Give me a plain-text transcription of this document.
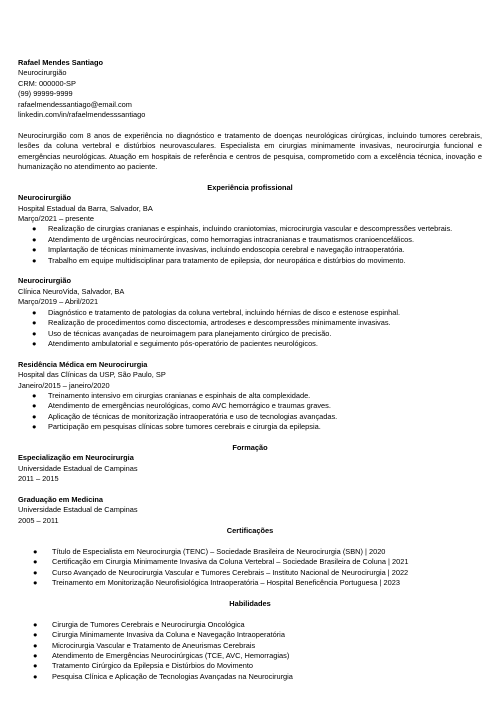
Rafael Mendes Santiago

Neurocirurgião

CRM: 000000-SP

(99) 99999-9999

rafaelmendessantiago@email.com

linkedin.com/in/rafaelmendesssantiago

Neurocirurgião com 8 anos de experiência no diagnóstico e tratamento de doenças neurológicas cirúrgicas, incluindo tumores cerebrais, lesões da coluna vertebral e distúrbios neurovasculares. Especialista em cirurgias minimamente invasivas, neurocirurgia funcional e emergências neurológicas. Atuação em hospitais de referência e centros de pesquisa, comprometido com a excelência técnica, inovação e humanização no atendimento ao paciente.

Experiência profissional

Neurocirurgião

Hospital Estadual da Barra, Salvador, BA

Março/2021 – presente

● Realização de cirurgias cranianas e espinhais, incluindo craniotomias, microcirurgia vascular e descompressões vertebrais.
● Atendimento de urgências neurocirúrgicas, como hemorragias intracranianas e traumatismos cranioencefálicos.
● Implantação de técnicas minimamente invasivas, incluindo endoscopia cerebral e navegação intraoperatória.
● Trabalho em equipe multidisciplinar para tratamento de epilepsia, dor neuropática e distúrbios do movimento.

Neurocirurgião

Clínica NeuroVida, Salvador, BA

Março/2019 – Abril/2021

● Diagnóstico e tratamento de patologias da coluna vertebral, incluindo hérnias de disco e estenose espinhal.
● Realização de procedimentos como discectomia, artrodeses e descompressões minimamente invasivas.
● Uso de técnicas avançadas de neuroimagem para planejamento cirúrgico de precisão.
● Atendimento ambulatorial e seguimento pós-operatório de pacientes neurológicos.

Residência Médica em Neurocirurgia

Hospital das Clínicas da USP, São Paulo, SP

Janeiro/2015 – janeiro/2020

● Treinamento intensivo em cirurgias cranianas e espinhais de alta complexidade.
● Atendimento de emergências neurológicas, como AVC hemorrágico e traumas graves.
● Aplicação de técnicas de monitorização intraoperatória e uso de tecnologias avançadas.
● Participação em pesquisas clínicas sobre tumores cerebrais e cirurgia da epilepsia.

Formação

Especialização em Neurocirurgia

Universidade Estadual de Campinas

2011 – 2015

Graduação em Medicina

Universidade Estadual de Campinas

2005 – 2011

Certificações

● Título de Especialista em Neurocirurgia (TENC) – Sociedade Brasileira de Neurocirurgia (SBN) | 2020
● Certificação em Cirurgia Minimamente Invasiva da Coluna Vertebral – Sociedade Brasileira de Coluna | 2021
● Curso Avançado de Neurocirurgia Vascular e Tumores Cerebrais – Instituto Nacional de Neurocirurgia | 2022
● Treinamento em Monitorização Neurofisiológica Intraoperatória – Hospital Beneficência Portuguesa | 2023

Habilidades

● Cirurgia de Tumores Cerebrais e Neurocirurgia Oncológica
● Cirurgia Minimamente Invasiva da Coluna e Navegação Intraoperatória
● Microcirurgia Vascular e Tratamento de Aneurismas Cerebrais
● Atendimento de Emergências Neurocirúrgicas (TCE, AVC, Hemorragias)
● Tratamento Cirúrgico da Epilepsia e Distúrbios do Movimento
● Pesquisa Clínica e Aplicação de Tecnologias Avançadas na Neurocirurgia
